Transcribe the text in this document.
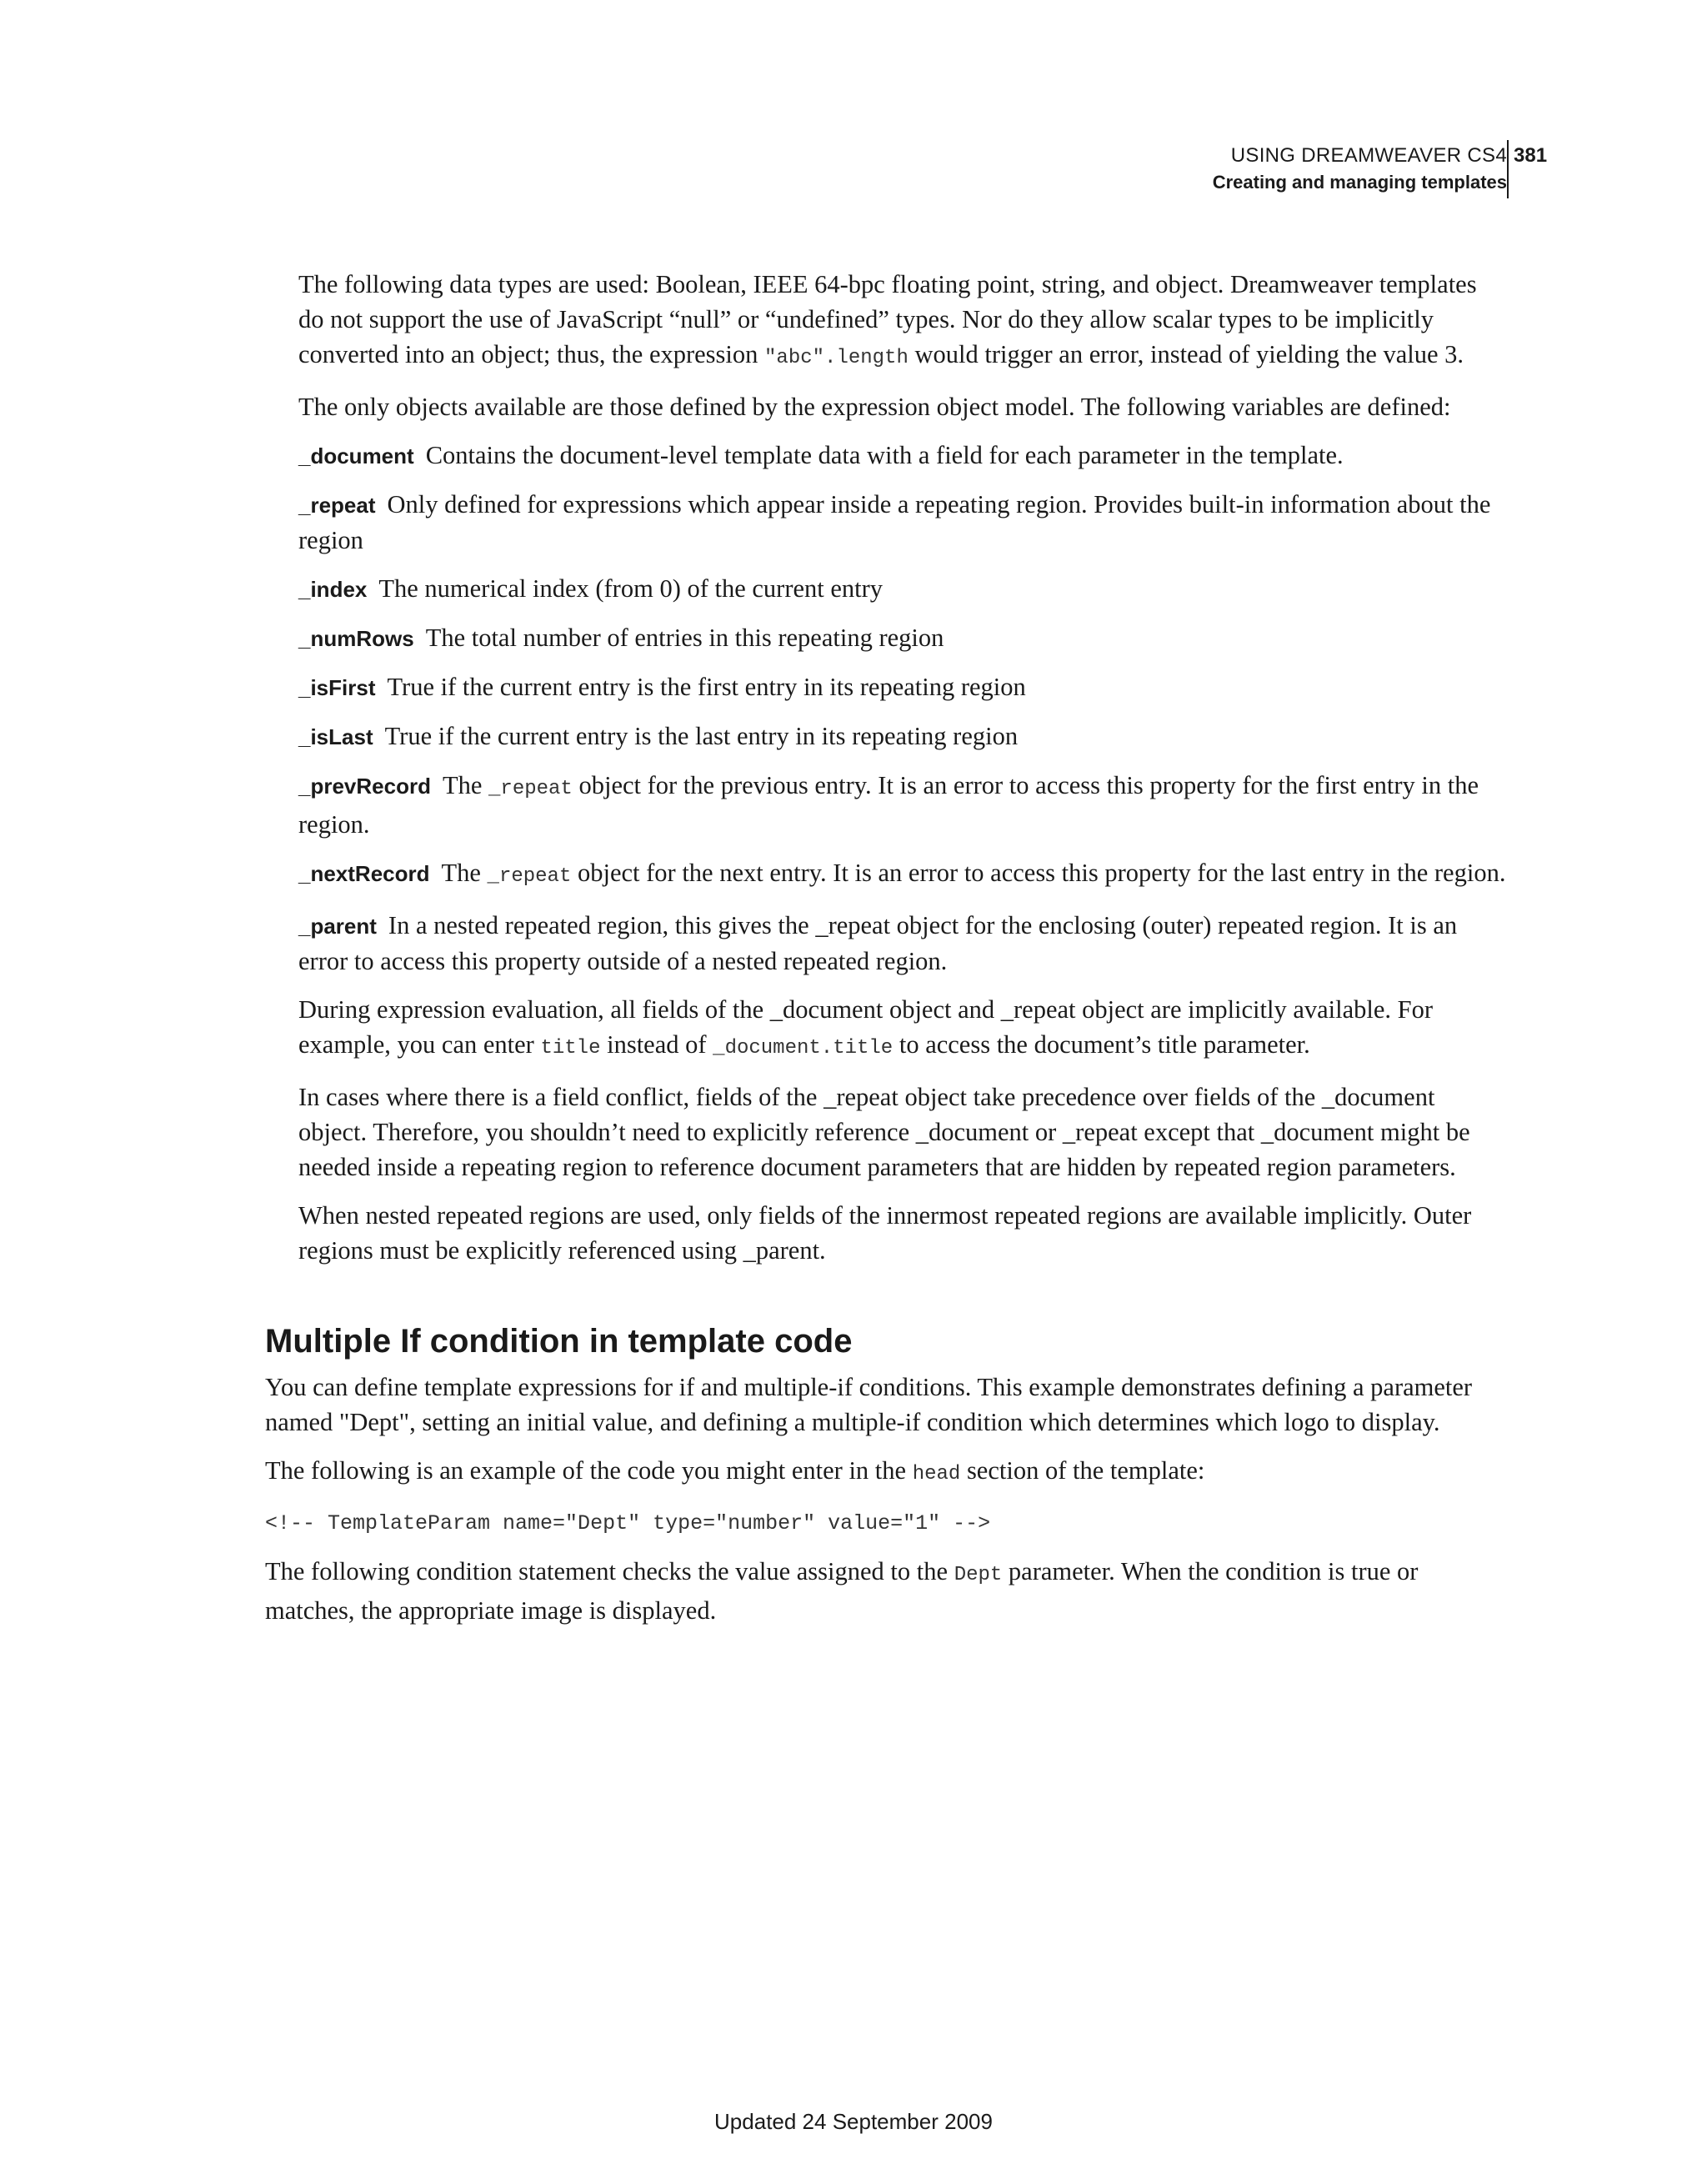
USING DREAMWEAVER CS4
Creating and managing templates
381

The following data types are used: Boolean, IEEE 64-bpc floating point, string, and object. Dreamweaver templates do not support the use of JavaScript “null” or “undefined” types. Nor do they allow scalar types to be implicitly converted into an object; thus, the expression "abc".length would trigger an error, instead of yielding the value 3.

The only objects available are those defined by the expression object model. The following variables are defined:

_document Contains the document-level template data with a field for each parameter in the template.

_repeat Only defined for expressions which appear inside a repeating region. Provides built-in information about the region

_index The numerical index (from 0) of the current entry

_numRows The total number of entries in this repeating region

_isFirst True if the current entry is the first entry in its repeating region

_isLast True if the current entry is the last entry in its repeating region

_prevRecord The _repeat object for the previous entry. It is an error to access this property for the first entry in the region.

_nextRecord The _repeat object for the next entry. It is an error to access this property for the last entry in the region.

_parent In a nested repeated region, this gives the _repeat object for the enclosing (outer) repeated region. It is an error to access this property outside of a nested repeated region.

During expression evaluation, all fields of the _document object and _repeat object are implicitly available. For example, you can enter title instead of _document.title to access the document’s title parameter.

In cases where there is a field conflict, fields of the _repeat object take precedence over fields of the _document object. Therefore, you shouldn’t need to explicitly reference _document or _repeat except that _document might be needed inside a repeating region to reference document parameters that are hidden by repeated region parameters.

When nested repeated regions are used, only fields of the innermost repeated regions are available implicitly. Outer regions must be explicitly referenced using _parent.

Multiple If condition in template code

You can define template expressions for if and multiple-if conditions. This example demonstrates defining a parameter named "Dept", setting an initial value, and defining a multiple-if condition which determines which logo to display.

The following is an example of the code you might enter in the head section of the template:

<!-- TemplateParam name="Dept" type="number" value="1" -->

The following condition statement checks the value assigned to the Dept parameter. When the condition is true or matches, the appropriate image is displayed.

Updated 24 September 2009
